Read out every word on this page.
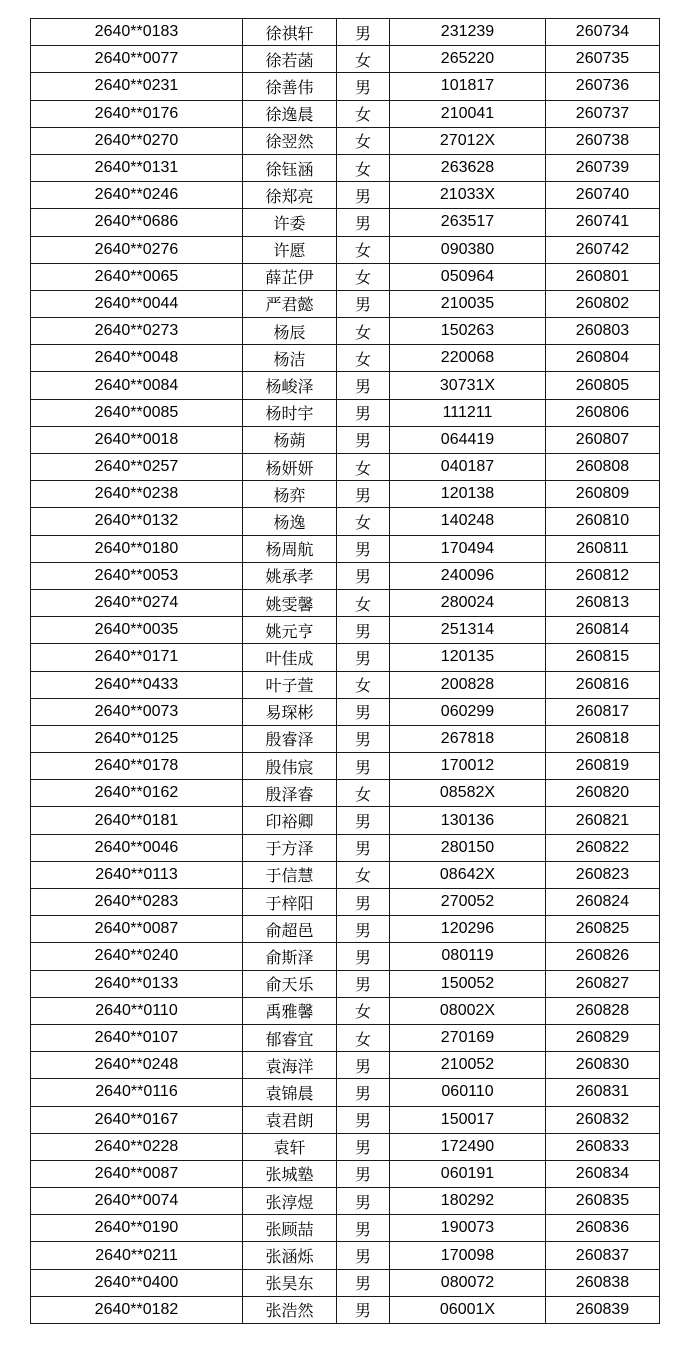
2640**0183	徐祺轩	男	231239	260734
2640**0077	徐若菡	女	265220	260735
2640**0231	徐善伟	男	101817	260736
2640**0176	徐逸晨	女	210041	260737
2640**0270	徐翌然	女	27012X	260738
2640**0131	徐钰涵	女	263628	260739
2640**0246	徐郑亮	男	21033X	260740
2640**0686	许委	男	263517	260741
2640**0276	许愿	女	090380	260742
2640**0065	薛芷伊	女	050964	260801
2640**0044	严君懿	男	210035	260802
2640**0273	杨辰	女	150263	260803
2640**0048	杨洁	女	220068	260804
2640**0084	杨峻泽	男	30731X	260805
2640**0085	杨时宇	男	111211	260806
2640**0018	杨蒴	男	064419	260807
2640**0257	杨妍妍	女	040187	260808
2640**0238	杨弈	男	120138	260809
2640**0132	杨逸	女	140248	260810
2640**0180	杨周航	男	170494	260811
2640**0053	姚承孝	男	240096	260812
2640**0274	姚雯馨	女	280024	260813
2640**0035	姚元亨	男	251314	260814
2640**0171	叶佳成	男	120135	260815
2640**0433	叶子萱	女	200828	260816
2640**0073	易琛彬	男	060299	260817
2640**0125	殷睿泽	男	267818	260818
2640**0178	殷伟宸	男	170012	260819
2640**0162	殷泽睿	女	08582X	260820
2640**0181	印裕卿	男	130136	260821
2640**0046	于方泽	男	280150	260822
2640**0113	于信慧	女	08642X	260823
2640**0283	于梓阳	男	270052	260824
2640**0087	俞超邑	男	120296	260825
2640**0240	俞斯泽	男	080119	260826
2640**0133	俞天乐	男	150052	260827
2640**0110	禹雅馨	女	08002X	260828
2640**0107	郁睿宜	女	270169	260829
2640**0248	袁海洋	男	210052	260830
2640**0116	袁锦晨	男	060110	260831
2640**0167	袁君朗	男	150017	260832
2640**0228	袁轩	男	172490	260833
2640**0087	张城塾	男	060191	260834
2640**0074	张淳煜	男	180292	260835
2640**0190	张顾喆	男	190073	260836
2640**0211	张涵烁	男	170098	260837
2640**0400	张昊东	男	080072	260838
2640**0182	张浩然	男	06001X	260839
